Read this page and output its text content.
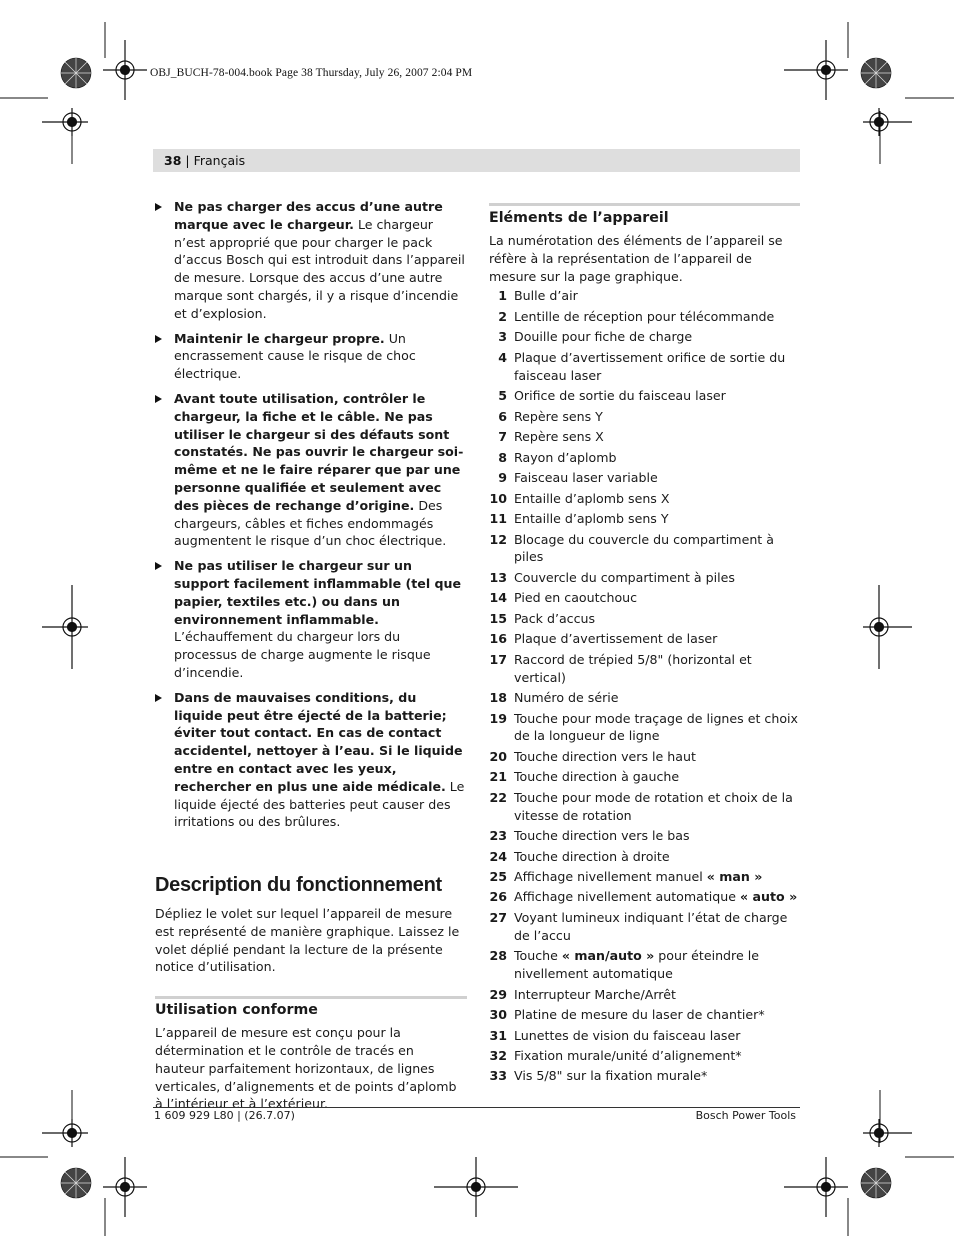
OBJ_BUCH-78-004.book Page 38 Thursday, July 26, 2007 2:04 PM
38 | Français
Ne pas charger des accus d’une autre marque avec le chargeur. Le chargeur n’est approprié que pour charger le pack d’accus Bosch qui est introduit dans l’appareil de mesure. Lorsque des accus d’une autre marque sont chargés, il y a risque d’incendie et d’explosion.
Maintenir le chargeur propre. Un encrassement cause le risque de choc électrique.
Avant toute utilisation, contrôler le chargeur, la fiche et le câble. Ne pas utiliser le chargeur si des défauts sont constatés. Ne pas ouvrir le chargeur soi-même et ne le faire réparer que par une personne qualifiée et seulement avec des pièces de rechange d’origine. Des chargeurs, câbles et fiches endommagés augmentent le risque d’un choc électrique.
Ne pas utiliser le chargeur sur un support facilement inflammable (tel que papier, textiles etc.) ou dans un environnement inflammable. L’échauffement du chargeur lors du processus de charge augmente le risque d’incendie.
Dans de mauvaises conditions, du liquide peut être éjecté de la batterie; éviter tout contact. En cas de contact accidentel, nettoyer à l’eau. Si le liquide entre en contact avec les yeux, rechercher en plus une aide médicale. Le liquide éjecté des batteries peut causer des irritations ou des brûlures.
Description du fonctionnement

Dépliez le volet sur lequel l’appareil de mesure est représenté de manière graphique. Laissez le volet déplié pendant la lecture de la présente notice d’utilisation.

Utilisation conforme

L’appareil de mesure est conçu pour la détermination et le contrôle de tracés en hauteur parfaitement horizontaux, de lignes verticales, d’alignements et de points d’aplomb à l’intérieur et à l’extérieur.

Eléments de l’appareil

La numérotation des éléments de l’appareil se réfère à la représentation de l’appareil de mesure sur la page graphique.

1 Bulle d’air
2 Lentille de réception pour télécommande
3 Douille pour fiche de charge
4 Plaque d’avertissement orifice de sortie du faisceau laser
5 Orifice de sortie du faisceau laser
6 Repère sens Y
7 Repère sens X
8 Rayon d’aplomb
9 Faisceau laser variable
10 Entaille d’aplomb sens X
11 Entaille d’aplomb sens Y
12 Blocage du couvercle du compartiment à piles
13 Couvercle du compartiment à piles
14 Pied en caoutchouc
15 Pack d’accus
16 Plaque d’avertissement de laser
17 Raccord de trépied 5/8" (horizontal et vertical)
18 Numéro de série
19 Touche pour mode traçage de lignes et choix de la longueur de ligne
20 Touche direction vers le haut
21 Touche direction à gauche
22 Touche pour mode de rotation et choix de la vitesse de rotation
23 Touche direction vers le bas
24 Touche direction à droite
25 Affichage nivellement manuel « man »
26 Affichage nivellement automatique « auto »
27 Voyant lumineux indiquant l’état de charge de l’accu
28 Touche « man/auto » pour éteindre le nivellement automatique
29 Interrupteur Marche/Arrêt
30 Platine de mesure du laser de chantier*
31 Lunettes de vision du faisceau laser
32 Fixation murale/unité d’alignement*
33 Vis 5/8" sur la fixation murale*
1 609 929 L80 | (26.7.07)	Bosch Power Tools
